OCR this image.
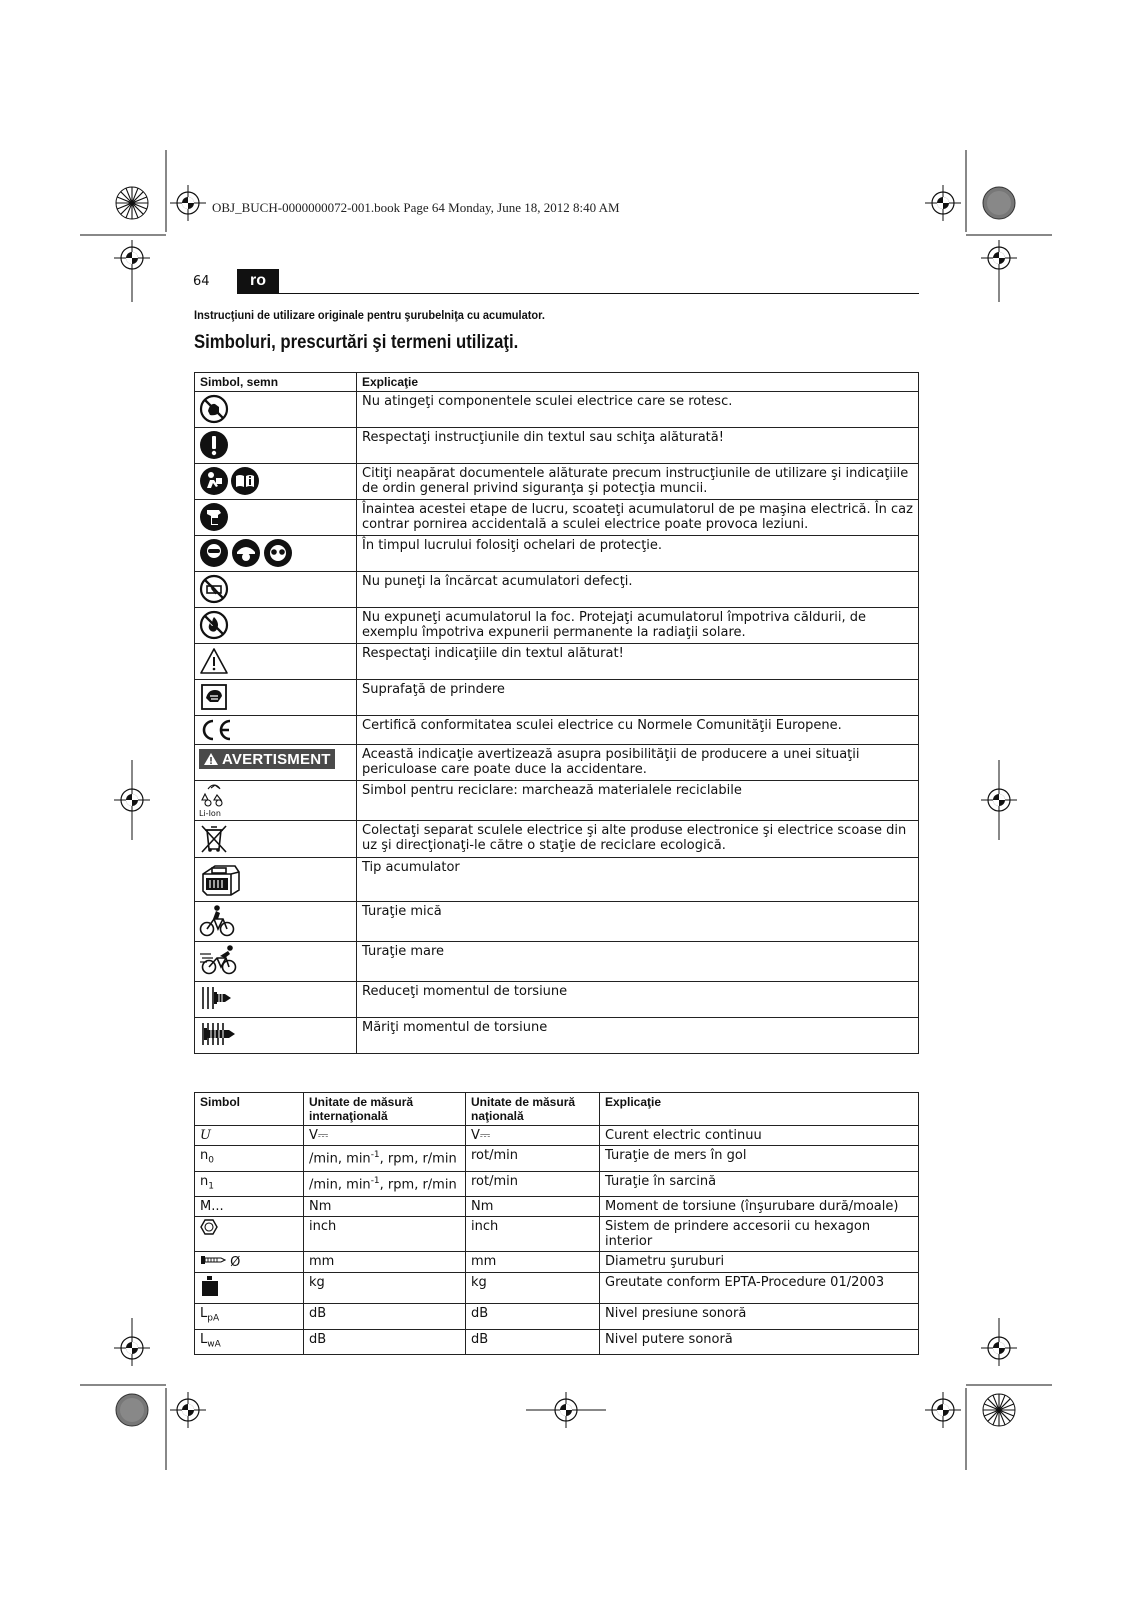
OBJ_BUCH-0000000072-001.book Page 64 Monday, June 18, 2012 8:40 AM
64	ro
Instrucţiuni de utilizare originale pentru şurubelniţa cu acumulator.
Simboluri, prescurtări şi termeni utilizaţi.
Simbol, semn	Explicaţie
	Nu atingeţi componentele sculei electrice care se rotesc.
	Respectaţi instrucţiunile din textul sau schiţa alăturată!
	Citiţi neapărat documentele alăturate precum instrucţiunile de utilizare şi indicaţiile de ordin general privind siguranţa şi potecţia muncii.
	Înaintea acestei etape de lucru, scoateţi acumulatorul de pe maşina electrică. În caz contrar pornirea accidentală a sculei electrice poate provoca leziuni.
	În timpul lucrului folosiţi ochelari de protecţie.
	Nu puneţi la încărcat acumulatori defecţi.
	Nu expuneţi acumulatorul la foc. Protejaţi acumulatorul împotriva căldurii, de exemplu împotriva expunerii permanente la radiaţii solare.
	Respectaţi indicaţiile din textul alăturat!
	Suprafaţă de prindere
	Certifică conformitatea sculei electrice cu Normele Comunităţii Europene.

AVERTISMENT	Această indicaţie avertizează asupra posibilităţii de producere a unei situaţii periculoase care poate duce la accidentare.

Li-Ion	Simbol pentru reciclare: marchează materialele reciclabile
	Colectaţi separat sculele electrice şi alte produse electronice şi electrice scoase din uz şi direcţionaţi-le către o staţie de reciclare ecologică.
	Tip acumulator
	Turaţie mică
	Turaţie mare
	Reduceţi momentul de torsiune
	Măriţi momentul de torsiune
Simbol	Unitate de măsură internaţională	Unitate de măsură naţională	Explicaţie
U	V⎓	V⎓	Curent electric continuu
$n_0$	/min, $\min^{-1}$, rpm, r/min	rot/min	Turaţie de mers în gol
$n_1$	/min, $\min^{-1}$, rpm, r/min	rot/min	Turaţie în sarcină
M...	Nm	Nm	Moment de torsiune (înşurubare dură/moale)
	inch	inch	Sistem de prindere accesorii cu hexagon interior
Ø	mm	mm	Diametru şuruburi
	kg	kg	Greutate conform EPTA-Procedure 01/2003
$L_{pA}$	dB	dB	Nivel presiune sonoră
$L_{wA}$	dB	dB	Nivel putere sonoră
